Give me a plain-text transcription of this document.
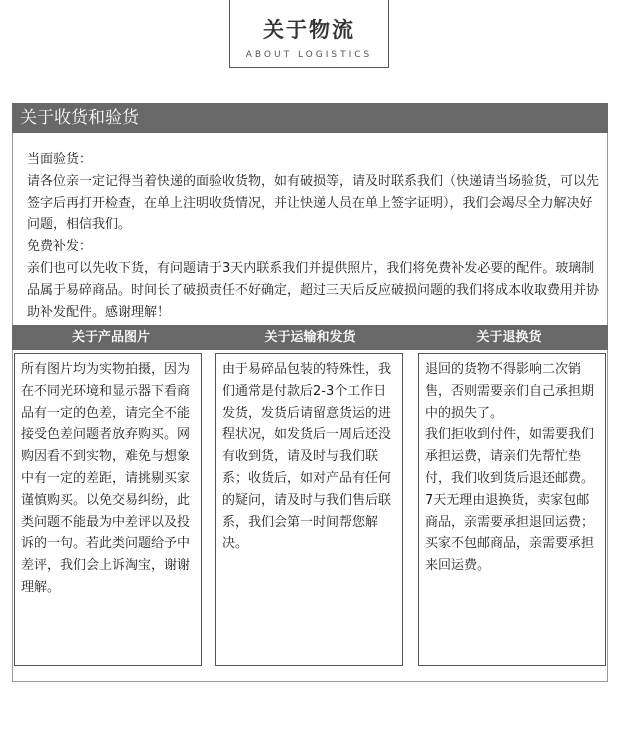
关于物流
ABOUT LOGISTICS
关于收货和验货

当面验货：

请各位亲一定记得当着快递的面验收货物，如有破损等，请及时联系我们（快递请当场验货，可以先签字后再打开检查，在单上注明收货情况，并让快递人员在单上签字证明），我们会竭尽全力解决好问题，相信我们。

免费补发：

亲们也可以先收下货，有问题请于3天内联系我们并提供照片，我们将免费补发必要的配件。玻璃制品属于易碎商品。时间长了破损责任不好确定，超过三天后反应破损问题的我们将成本收取费用并协助补发配件。感谢理解！

关于产品图片	关于运输和发货	关于退换货

所有图片均为实物拍摄，因为在不同光环境和显示器下看商品有一定的色差，请完全不能接受色差问题者放弃购买。网购因看不到实物，难免与想象中有一定的差距，请挑剔买家谨慎购买。以免交易纠纷，此类问题不能最为中差评以及投诉的一句。若此类问题给予中差评，我们会上诉淘宝，谢谢理解。

由于易碎品包装的特殊性，我们通常是付款后2-3个工作日发货，发货后请留意货运的进程状况，如发货后一周后还没有收到货，请及时与我们联系；收货后，如对产品有任何的疑问，请及时与我们售后联系，我们会第一时间帮您解决。

退回的货物不得影响二次销售，否则需要亲们自己承担期中的损失了。

我们拒收到付件，如需要我们承担运费，请亲们先帮忙垫付，我们收到货后退还邮费。

7天无理由退换货，卖家包邮商品，亲需要承担退回运费；买家不包邮商品，亲需要承担来回运费。
